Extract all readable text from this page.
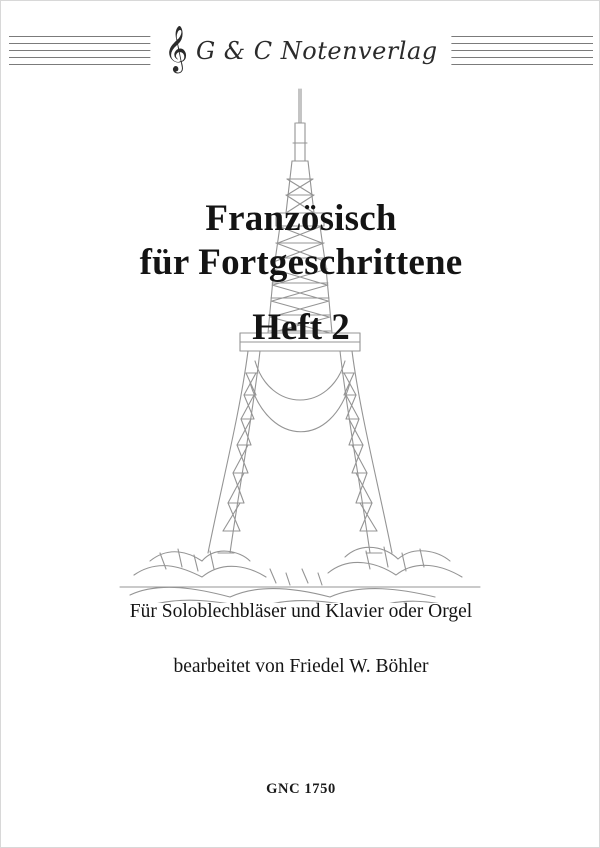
𝄞 G & C Notenverlag
Französisch
für Fortgeschrittene
Heft 2
Für Soloblechbläser und Klavier oder Orgel
bearbeitet von Friedel W. Böhler
GNC 1750
